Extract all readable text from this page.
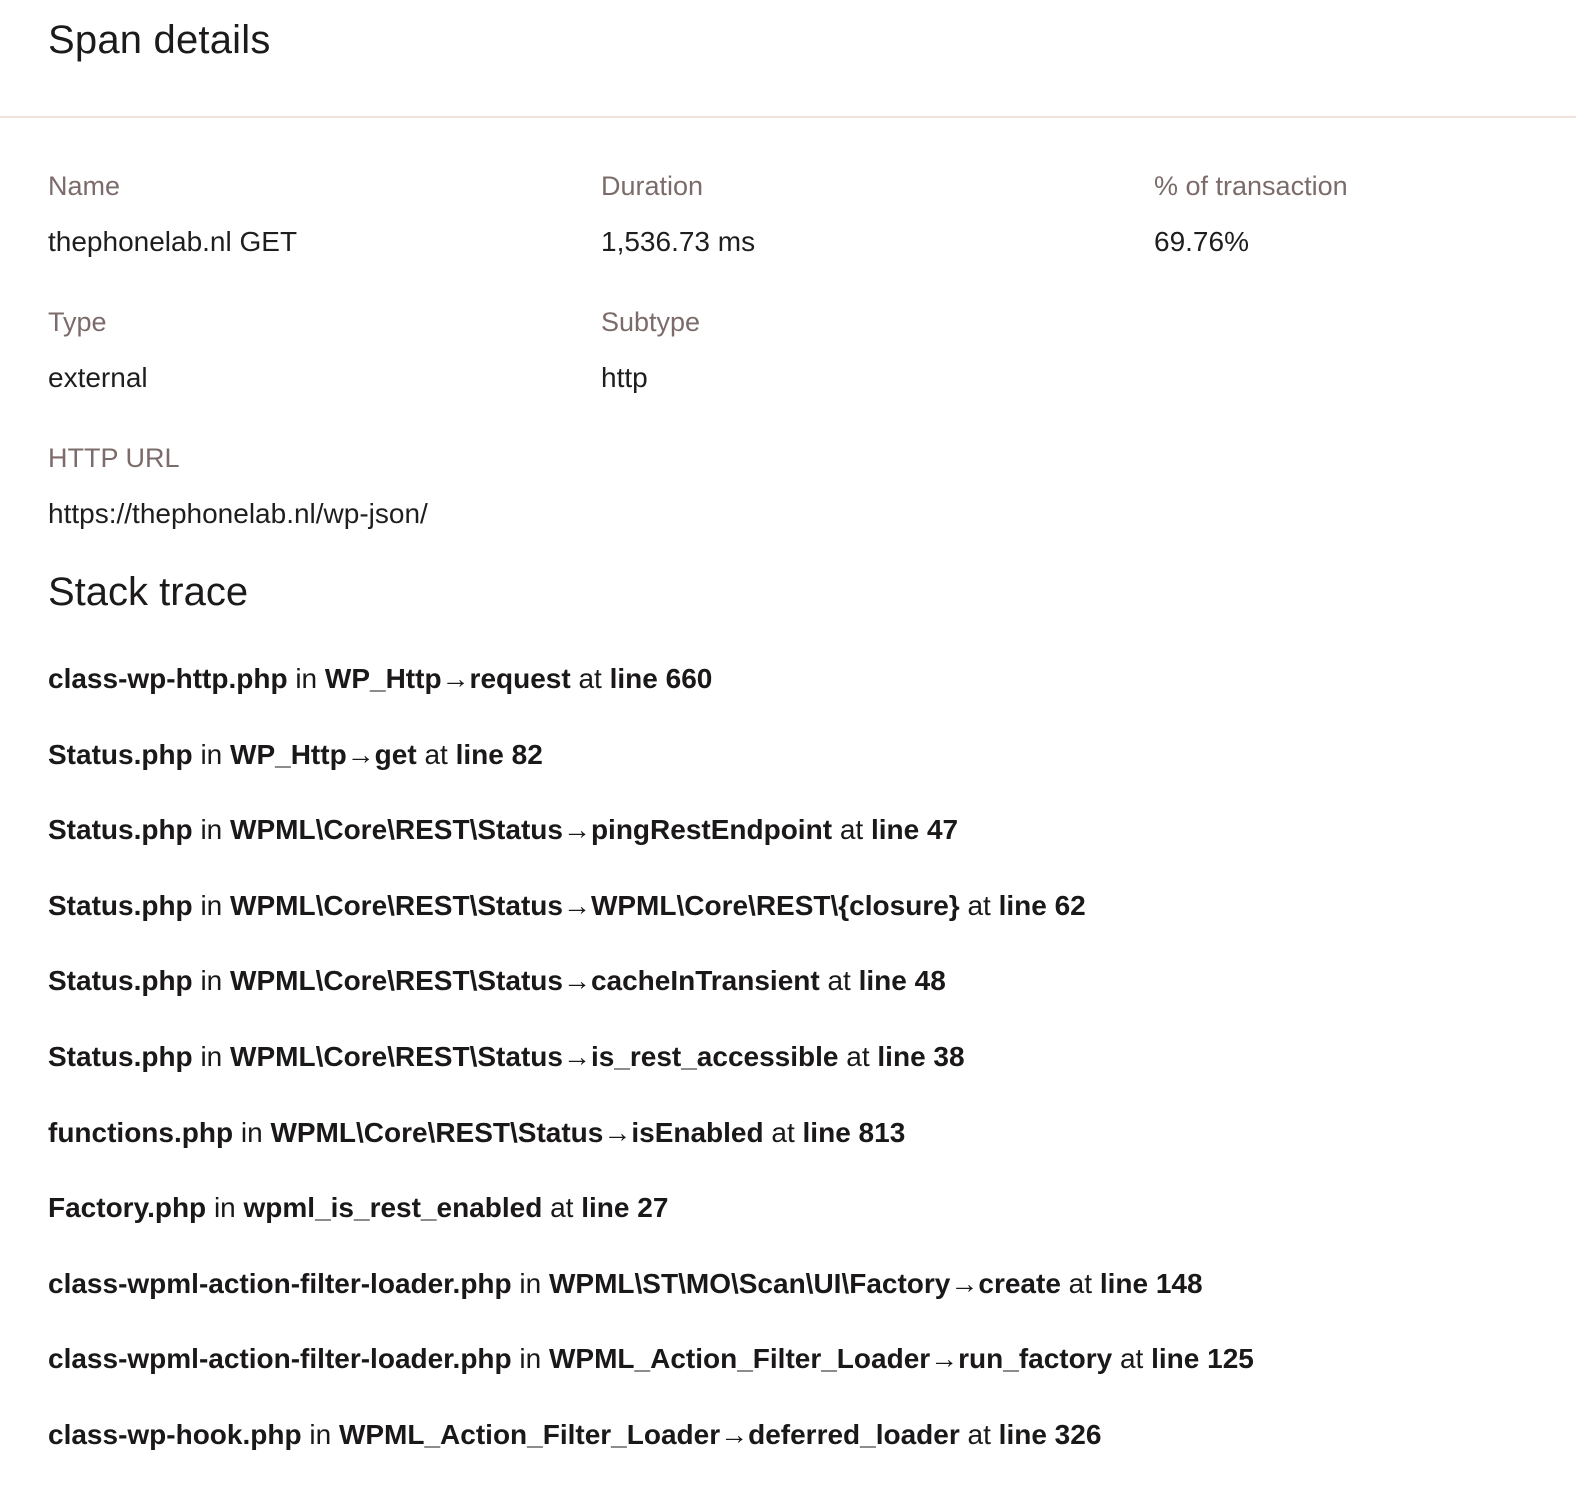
Span details
Name
thephonelab.nl GET
Duration
1,536.73 ms
% of transaction
69.76%
Type
external
Subtype
http
HTTP URL
https://thephonelab.nl/wp-json/
Stack trace
class-wp-http.php in WP_Http→request at line 660
Status.php in WP_Http→get at line 82
Status.php in WPML\Core\REST\Status→pingRestEndpoint at line 47
Status.php in WPML\Core\REST\Status→WPML\Core\REST\{closure} at line 62
Status.php in WPML\Core\REST\Status→cacheInTransient at line 48
Status.php in WPML\Core\REST\Status→is_rest_accessible at line 38
functions.php in WPML\Core\REST\Status→isEnabled at line 813
Factory.php in wpml_is_rest_enabled at line 27
class-wpml-action-filter-loader.php in WPML\ST\MO\Scan\UI\Factory→create at line 148
class-wpml-action-filter-loader.php in WPML_Action_Filter_Loader→run_factory at line 125
class-wp-hook.php in WPML_Action_Filter_Loader→deferred_loader at line 326
